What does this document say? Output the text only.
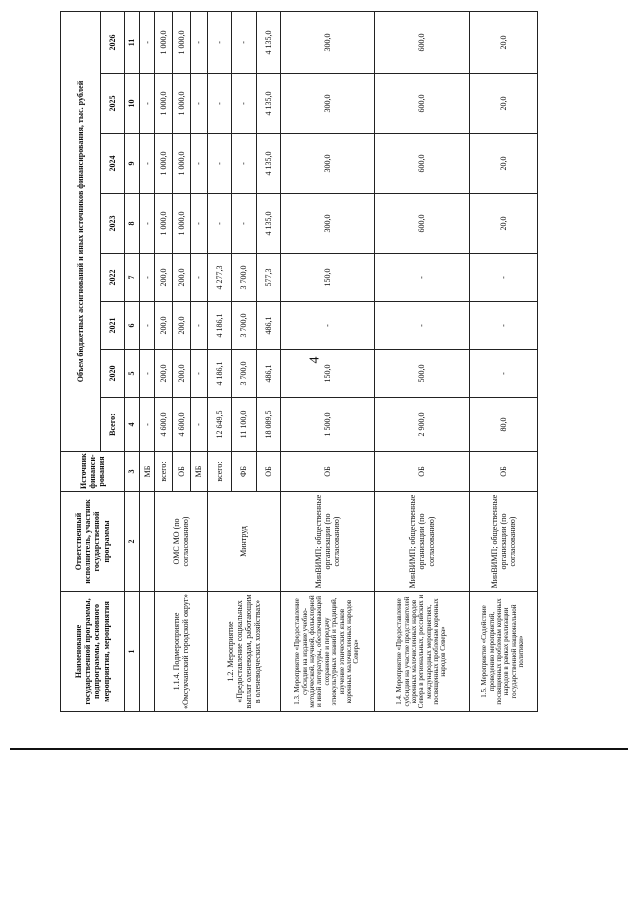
4
Наименование государственной программы, подпрограммы, основного мероприятия, мероприятия	Ответственный исполнитель, участник государственной программы	Источник финанси-рования	Объем бюджетных ассигнований и иных источников финансирования, тыс. рублей							
			Всего:	2020	2021	2022	2023	2024	2025	2026
1	2	3	4	5	6	7	8	9	10	11
		МБ	-	-	-	-	-	-	-	-
1.1.4. Подмероприятие «Омсукчанский городской округ»	ОМС МО (по согласованию)	всего:	4 600,0	200,0	200,0	200,0	1 000,0	1 000,0	1 000,0	1 000,0
		ОБ	4 600,0	200,0	200,0	200,0	1 000,0	1 000,0	1 000,0	1 000,0
		МБ	-	-	-	-	-	-	-	-
1.2. Мероприятие «Предоставление социальных выплат оленеводам, работающим в оленеводческих хозяйствах»	Минтруд	всего:	12 649,5	4 186,1	4 186,1	4 277,3	-	-	-	-
		ФБ	11 100,0	3 700,0	3 700,0	3 700,0	-	-	-	-
		ОБ	18 089,5	486,1	486,1	577,3	4 135,0	4 135,0	4 135,0	4 135,0
1.3. Мероприятие «Предоставление субсидии на издание учебно-методической, научной, фольклорной и иной литературы, обеспечивающей сохранение и передачу этнокультурных знаний и традиций, изучение этнических языков коренных малочисленных народов Севера»	МинВИМП; общественные организации (по согласованию)	ОБ	1 500,0	150,0	-	150,0	300,0	300,0	300,0	300,0
1.4. Мероприятие «Предоставление субсидии на участие представителей коренных малочисленных народов Севера в региональных, российских и международных мероприятиях, посвященных проблемам коренных народов Севера»	МинВИМП; общественные организации (по согласованию)	ОБ	2 900,0	500,0	-	-	600,0	600,0	600,0	600,0
1.5. Мероприятие «Содействие проведению мероприятий, посвященных проблемам коренных народов в рамках реализации государственной национальной политики»	МинВИМП; общественные организации (по согласованию)	ОБ	80,0	-	-	-	20,0	20,0	20,0	20,0
